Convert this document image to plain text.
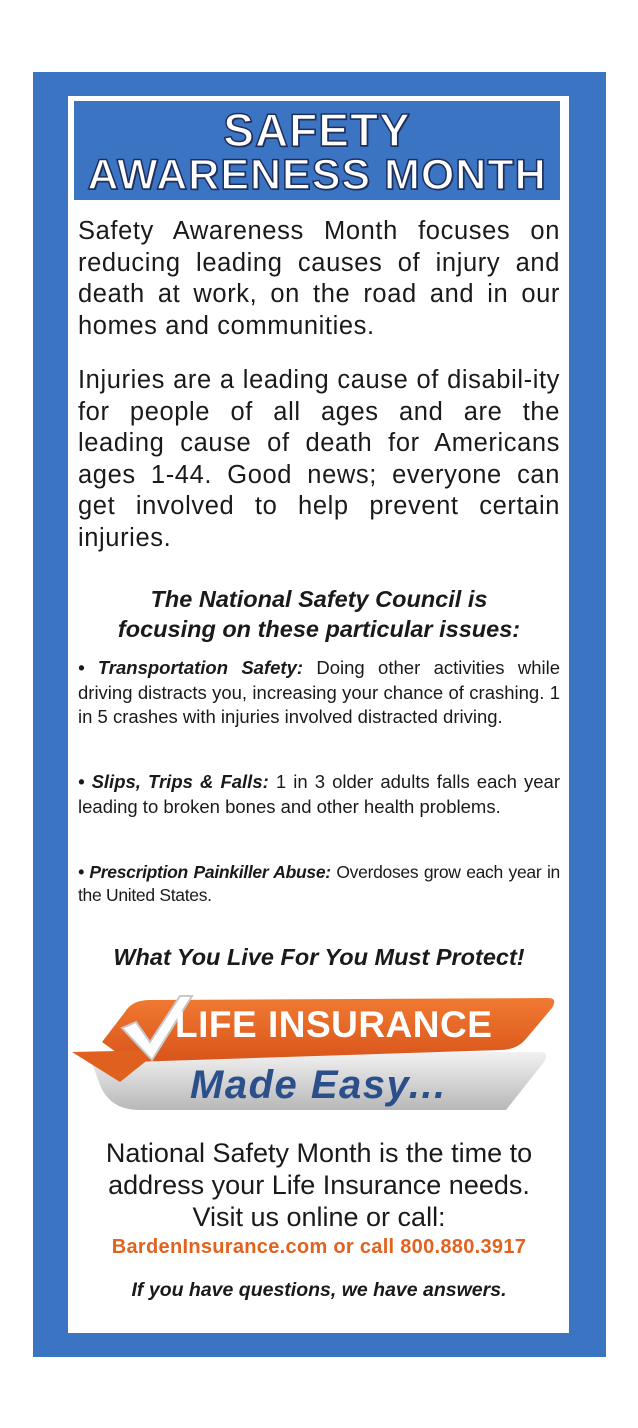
SAFETY
AWARENESS MONTH
Safety Awareness Month focuses on reducing leading causes of injury and death at work, on the road and in our homes and communities.
Injuries are a leading cause of disabil-ity for people of all ages and are the leading cause of death for Americans ages 1-44. Good news; everyone can get involved to help prevent certain injuries.
The National Safety Council is
focusing on these particular issues:
• Transportation Safety: Doing other activities while driving distracts you, increasing your chance of crashing. 1 in 5 crashes with injuries involved distracted driving.
• Slips, Trips & Falls: 1 in 3 older adults falls each year leading to broken bones and other health problems.
• Prescription Painkiller Abuse: Overdoses grow each year in the United States.
What You Live For You Must Protect!
LIFE INSURANCE
Made Easy...
National Safety Month is the time to
address your Life Insurance needs.
Visit us online or call:
BardenInsurance.com or call 800.880.3917
If you have questions, we have answers.
